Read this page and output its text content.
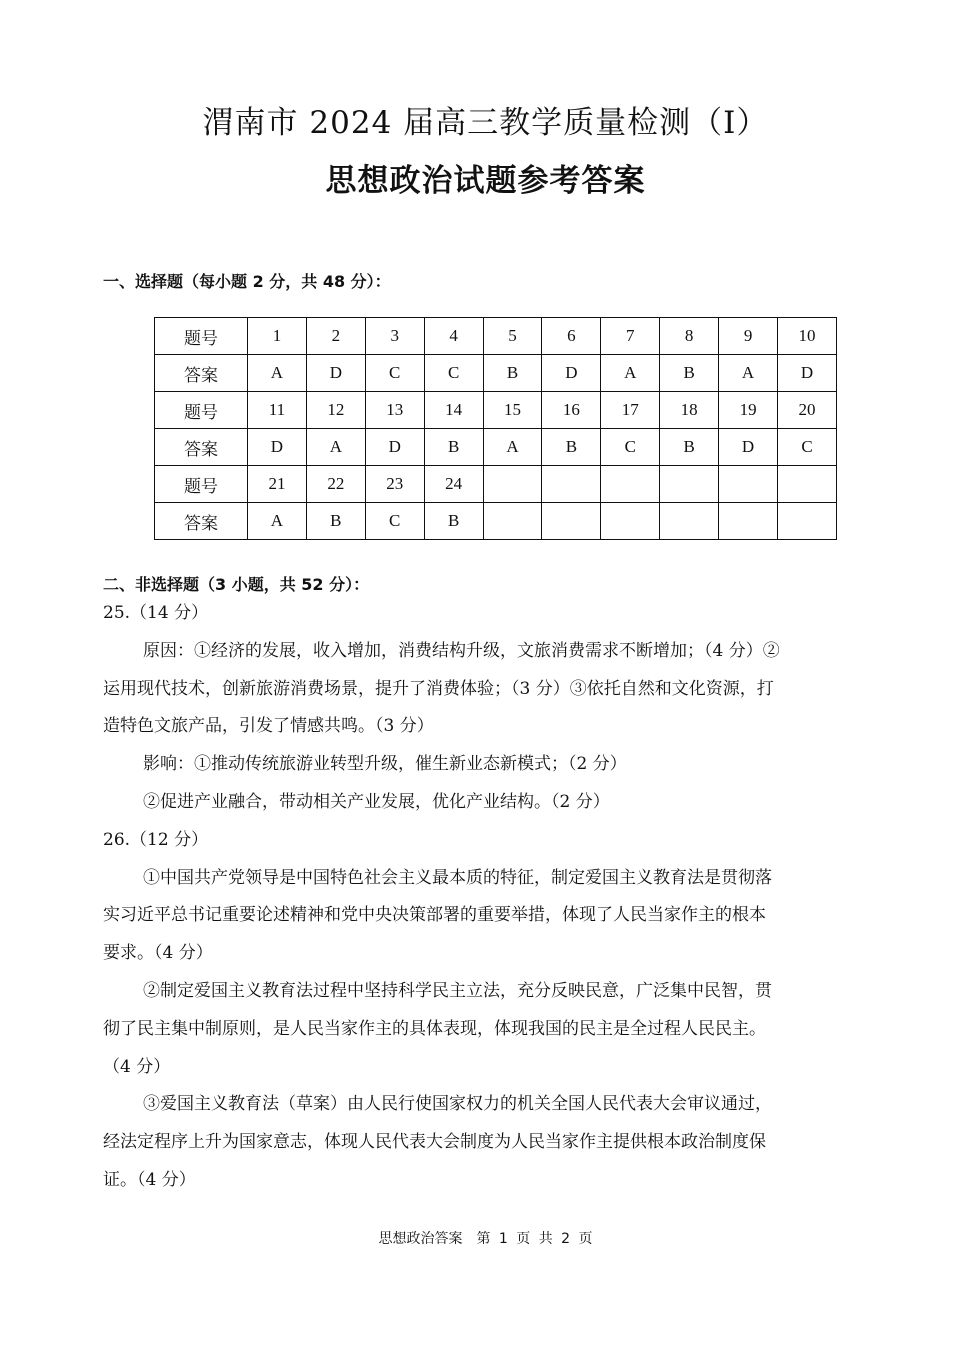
渭南市 2024 届高三教学质量检测（Ⅰ）
思想政治试题参考答案
一、选择题（每小题 2 分，共 48 分）：
题号	1	2	3	4	5	6	7	8	9	10
答案	A	D	C	C	B	D	A	B	A	D
题号	11	12	13	14	15	16	17	18	19	20
答案	D	A	D	B	A	B	C	B	D	C
题号	21	22	23	24						
答案	A	B	C	B						
二、非选择题（3 小题，共 52 分）：
25.（14 分）
原因：①经济的发展，收入增加，消费结构升级，文旅消费需求不断增加；（4 分）②
运用现代技术，创新旅游消费场景，提升了消费体验；（3 分）③依托自然和文化资源，打
造特色文旅产品，引发了情感共鸣。（3 分）
影响：①推动传统旅游业转型升级，催生新业态新模式；（2 分）
②促进产业融合，带动相关产业发展，优化产业结构。（2 分）
26.（12 分）
①中国共产党领导是中国特色社会主义最本质的特征，制定爱国主义教育法是贯彻落
实习近平总书记重要论述精神和党中央决策部署的重要举措，体现了人民当家作主的根本
要求。（4 分）
②制定爱国主义教育法过程中坚持科学民主立法，充分反映民意，广泛集中民智，贯
彻了民主集中制原则，是人民当家作主的具体表现，体现我国的民主是全过程人民民主。
（4 分）
③爱国主义教育法（草案）由人民行使国家权力的机关全国人民代表大会审议通过，
经法定程序上升为国家意志，体现人民代表大会制度为人民当家作主提供根本政治制度保
证。（4 分）
思想政治答案　第 1 页 共 2 页
